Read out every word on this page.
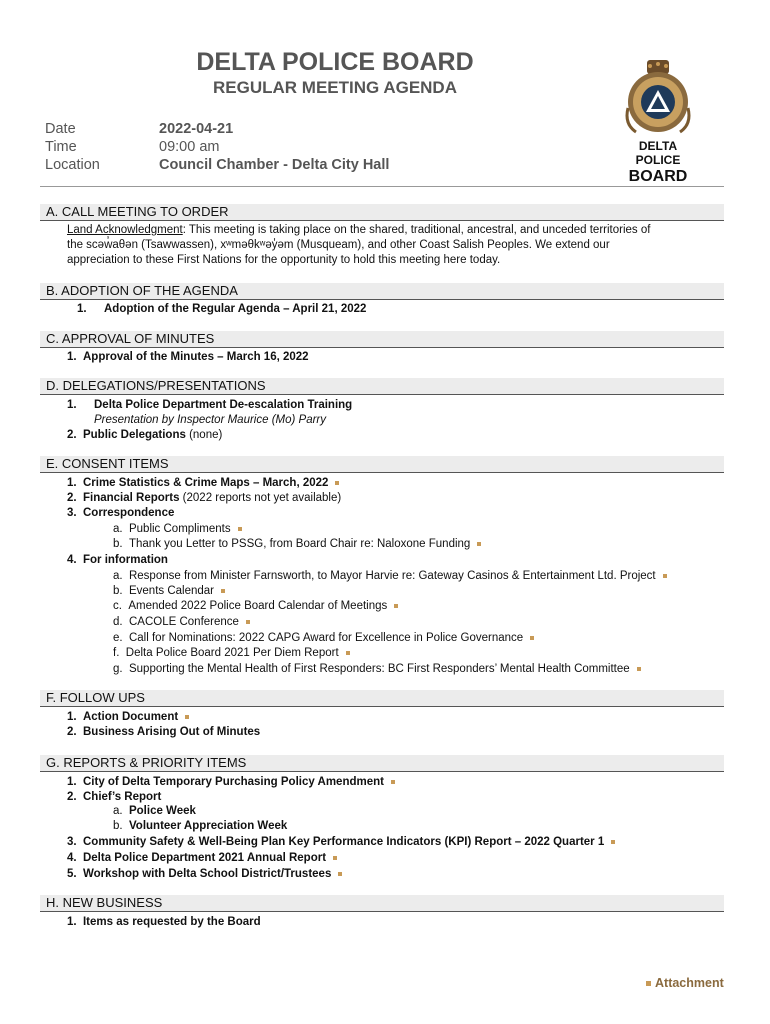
DELTA POLICE BOARD
REGULAR MEETING AGENDA
Date	2022-04-21
Time	09:00 am
Location	Council Chamber - Delta City Hall
DELTA
POLICE
BOARD
A. CALL MEETING TO ORDER
Land Acknowledgment: This meeting is taking place on the shared, traditional, ancestral, and unceded territories of
the scəw̓aθən (Tsawwassen), xʷməθkʷəy̓əm (Musqueam), and other Coast Salish Peoples. We extend our
appreciation to these First Nations for the opportunity to hold this meeting here today.
B. ADOPTION OF THE AGENDA
1. Adoption of the Regular Agenda – April 21, 2022
C. APPROVAL OF MINUTES
1. Approval of the Minutes – March 16, 2022
D. DELEGATIONS/PRESENTATIONS
1. Delta Police Department De-escalation Training
Presentation by Inspector Maurice (Mo) Parry
2. Public Delegations (none)
E. CONSENT ITEMS
1. Crime Statistics & Crime Maps – March, 2022
2. Financial Reports (2022 reports not yet available)
3. Correspondence
a. Public Compliments
b. Thank you Letter to PSSG, from Board Chair re: Naloxone Funding
4. For information
a. Response from Minister Farnsworth, to Mayor Harvie re: Gateway Casinos & Entertainment Ltd. Project
b. Events Calendar
c. Amended 2022 Police Board Calendar of Meetings
d. CACOLE Conference
e. Call for Nominations: 2022 CAPG Award for Excellence in Police Governance
f. Delta Police Board 2021 Per Diem Report
g. Supporting the Mental Health of First Responders: BC First Responders’ Mental Health Committee
F. FOLLOW UPS
1. Action Document
2. Business Arising Out of Minutes
G. REPORTS & PRIORITY ITEMS
1. City of Delta Temporary Purchasing Policy Amendment
2. Chief’s Report
a. Police Week
b. Volunteer Appreciation Week
3. Community Safety & Well-Being Plan Key Performance Indicators (KPI) Report – 2022 Quarter 1
4. Delta Police Department 2021 Annual Report
5. Workshop with Delta School District/Trustees
H. NEW BUSINESS
1. Items as requested by the Board
Attachment
